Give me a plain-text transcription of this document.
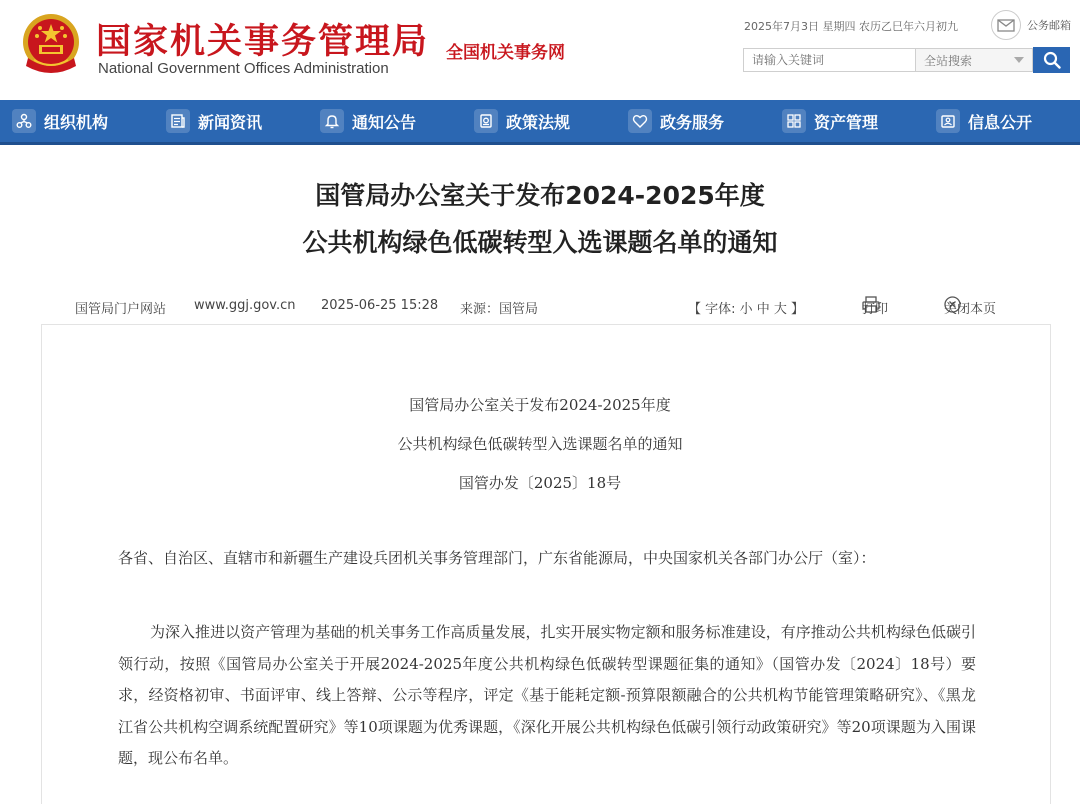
国家机关事务管理局
National Government Offices Administration
全国机关事务网
2025年7月3日 星期四 农历乙巳年六月初九	公务邮箱
请输入关键词
全站搜索
组织机构	新闻资讯	通知公告	政策法规	政务服务	资产管理	信息公开
国管局办公室关于发布2024-2025年度
公共机构绿色低碳转型入选课题名单的通知
国管局门户网站 www.ggj.gov.cn 2025-06-25 15:28 来源：国管局	【 字体: 小 中 大 】	打印	关闭本页
国管局办公室关于发布2024-2025年度
公共机构绿色低碳转型入选课题名单的通知
国管办发〔2025〕18号

各省、自治区、直辖市和新疆生产建设兵团机关事务管理部门，广东省能源局，中央国家机关各部门办公厅（室）：

为深入推进以资产管理为基础的机关事务工作高质量发展，扎实开展实物定额和服务标准建设，有序推动公共机构绿色低碳引领行动，按照《国管局办公室关于开展2024-2025年度公共机构绿色低碳转型课题征集的通知》（国管办发〔2024〕18号）要求，经资格初审、书面评审、线上答辩、公示等程序，评定《基于能耗定额-预算限额融合的公共机构节能管理策略研究》、《黑龙江省公共机构空调系统配置研究》等10项课题为优秀课题，《深化开展公共机构绿色低碳引领行动政策研究》等20项课题为入围课题，现公布名单。
